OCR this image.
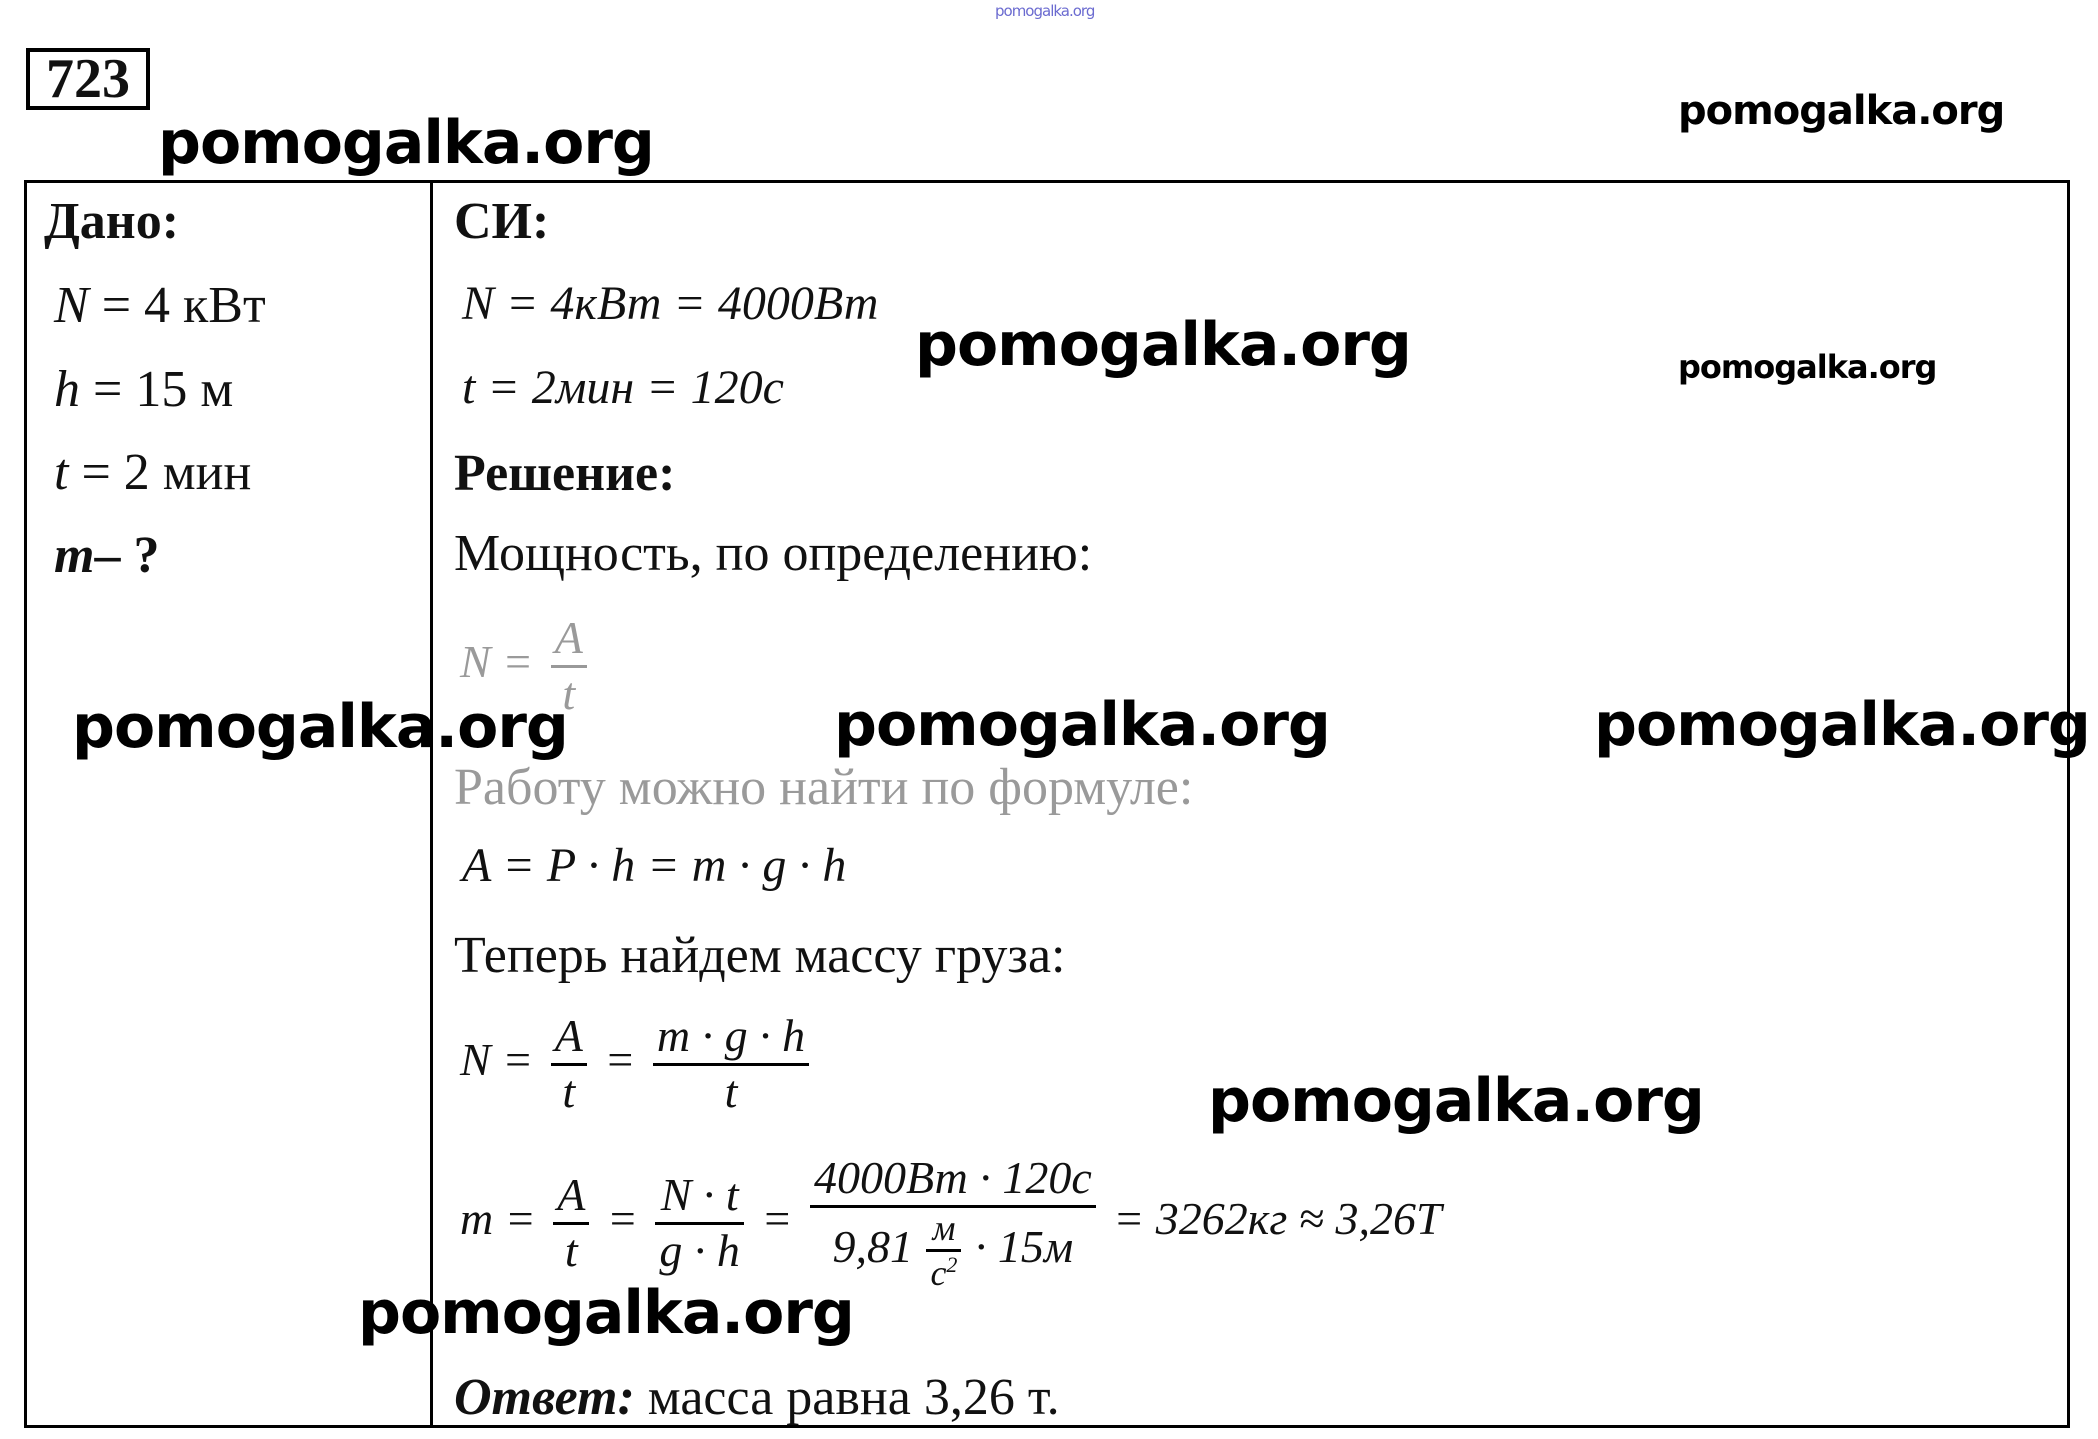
pomogalka.org
pomogalka.org	pomogalka.org
723
Дано:
N = 4 кВт
h = 15 м
t = 2 мин
m– ?
СИ:
N = 4кВт = 4000Вт
t = 2мин = 120с
Решение:
Мощность, по определению:
$N = \frac{A}{t}$
Работу можно найти по формуле:
A = P · h = m · g · h
Теперь найдем массу груза:
$N = \frac{A}{t} = \frac{m \cdot g \cdot h}{t}$
$m = \frac{A}{t} = \frac{N \cdot t}{g \cdot h} = \frac{4000Вт \cdot 120с}{9,81 \frac{м}{с^2} \cdot 15м} = 3262кг \approx 3,26Т$
Ответ: масса равна 3,26 т.
pomogalka.org	pomogalka.org
pomogalka.org	pomogalka.org	pomogalka.org
pomogalka.org
pomogalka.org
